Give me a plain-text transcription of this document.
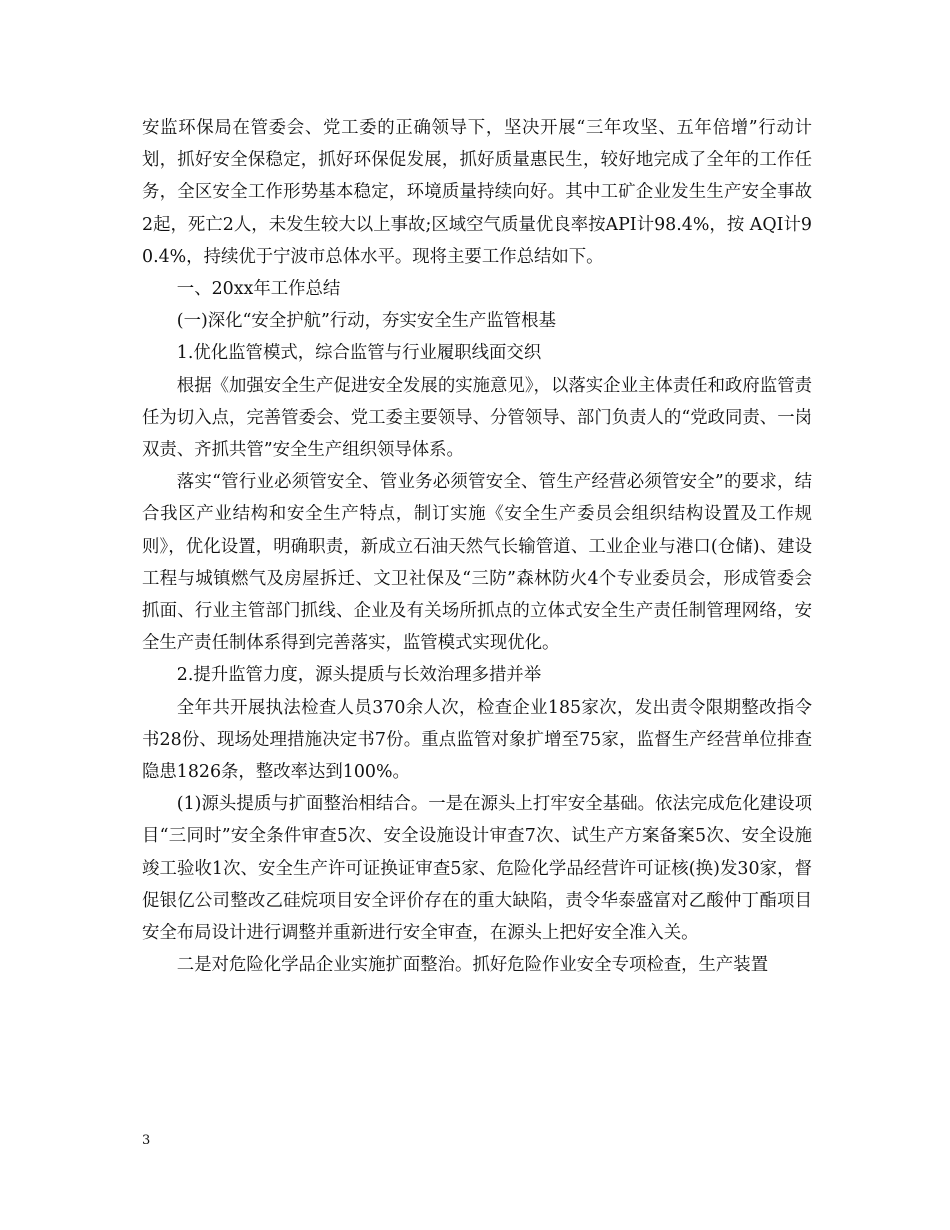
安监环保局在管委会、党工委的正确领导下，坚决开展“三年攻坚、五年倍增”行动计划，抓好安全保稳定，抓好环保促发展，抓好质量惠民生，较好地完成了全年的工作任务，全区安全工作形势基本稳定，环境质量持续向好。其中工矿企业发生生产安全事故2起，死亡2人，未发生较大以上事故;区域空气质量优良率按API计98.4%，按 AQI计90.4%，持续优于宁波市总体水平。现将主要工作总结如下。

一、20xx年工作总结

(一)深化“安全护航”行动，夯实安全生产监管根基

1.优化监管模式，综合监管与行业履职线面交织

根据《加强安全生产促进安全发展的实施意见》，以落实企业主体责任和政府监管责任为切入点，完善管委会、党工委主要领导、分管领导、部门负责人的“党政同责、一岗双责、齐抓共管”安全生产组织领导体系。

落实“管行业必须管安全、管业务必须管安全、管生产经营必须管安全”的要求，结合我区产业结构和安全生产特点，制订实施《安全生产委员会组织结构设置及工作规则》，优化设置，明确职责，新成立石油天然气长输管道、工业企业与港口(仓储)、建设工程与城镇燃气及房屋拆迁、文卫社保及“三防”森林防火4个专业委员会，形成管委会抓面、行业主管部门抓线、企业及有关场所抓点的立体式安全生产责任制管理网络，安全生产责任制体系得到完善落实，监管模式实现优化。

2.提升监管力度，源头提质与长效治理多措并举

全年共开展执法检查人员370余人次，检查企业185家次，发出责令限期整改指令书28份、现场处理措施决定书7份。重点监管对象扩增至75家，监督生产经营单位排查隐患1826条，整改率达到100%。

(1)源头提质与扩面整治相结合。一是在源头上打牢安全基础。依法完成危化建设项目“三同时”安全条件审查5次、安全设施设计审查7次、试生产方案备案5次、安全设施竣工验收1次、安全生产许可证换证审查5家、危险化学品经营许可证核(换)发30家，督促银亿公司整改乙硅烷项目安全评价存在的重大缺陷，责令华泰盛富对乙酸仲丁酯项目安全布局设计进行调整并重新进行安全审查，在源头上把好安全准入关。

二是对危险化学品企业实施扩面整治。抓好危险作业安全专项检查，生产装置

3
